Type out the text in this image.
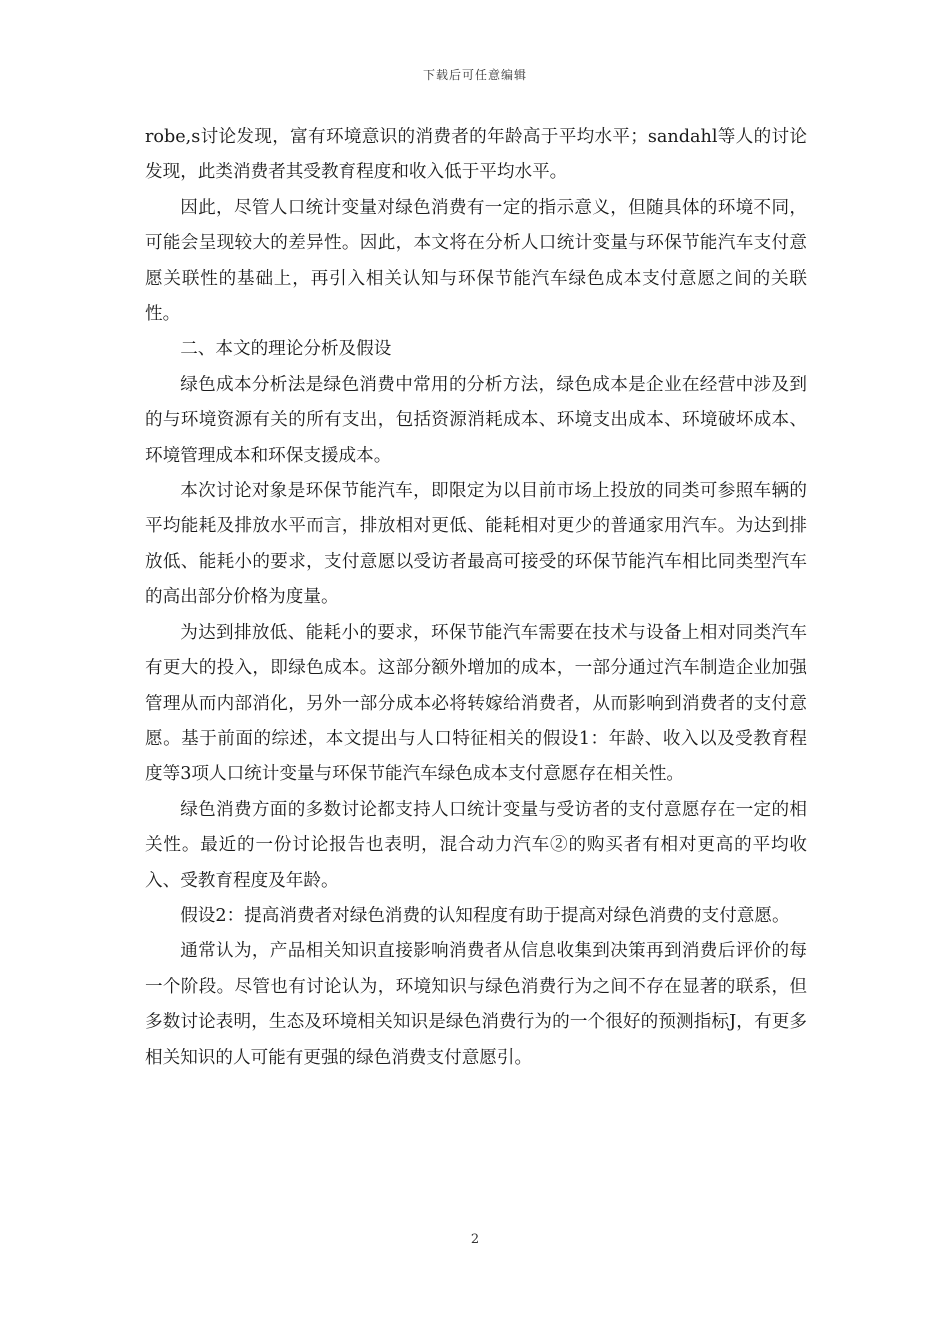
下载后可任意编辑

robe,s讨论发现，富有环境意识的消费者的年龄高于平均水平；sandahl等人的讨论发现，此类消费者其受教育程度和收入低于平均水平。

因此，尽管人口统计变量对绿色消费有一定的指示意义，但随具体的环境不同，可能会呈现较大的差异性。因此，本文将在分析人口统计变量与环保节能汽车支付意愿关联性的基础上，再引入相关认知与环保节能汽车绿色成本支付意愿之间的关联性。

二、本文的理论分析及假设

绿色成本分析法是绿色消费中常用的分析方法，绿色成本是企业在经营中涉及到的与环境资源有关的所有支出，包括资源消耗成本、环境支出成本、环境破坏成本、环境管理成本和环保支援成本。

本次讨论对象是环保节能汽车，即限定为以目前市场上投放的同类可参照车辆的平均能耗及排放水平而言，排放相对更低、能耗相对更少的普通家用汽车。为达到排放低、能耗小的要求，支付意愿以受访者最高可接受的环保节能汽车相比同类型汽车的高出部分价格为度量。

为达到排放低、能耗小的要求，环保节能汽车需要在技术与设备上相对同类汽车有更大的投入，即绿色成本。这部分额外增加的成本，一部分通过汽车制造企业加强管理从而内部消化，另外一部分成本必将转嫁给消费者，从而影响到消费者的支付意愿。基于前面的综述，本文提出与人口特征相关的假设1：年龄、收入以及受教育程度等3项人口统计变量与环保节能汽车绿色成本支付意愿存在相关性。

绿色消费方面的多数讨论都支持人口统计变量与受访者的支付意愿存在一定的相关性。最近的一份讨论报告也表明，混合动力汽车②的购买者有相对更高的平均收入、受教育程度及年龄。

假设2：提高消费者对绿色消费的认知程度有助于提高对绿色消费的支付意愿。

通常认为，产品相关知识直接影响消费者从信息收集到决策再到消费后评价的每一个阶段。尽管也有讨论认为，环境知识与绿色消费行为之间不存在显著的联系，但多数讨论表明，生态及环境相关知识是绿色消费行为的一个很好的预测指标J，有更多相关知识的人可能有更强的绿色消费支付意愿引。

2
